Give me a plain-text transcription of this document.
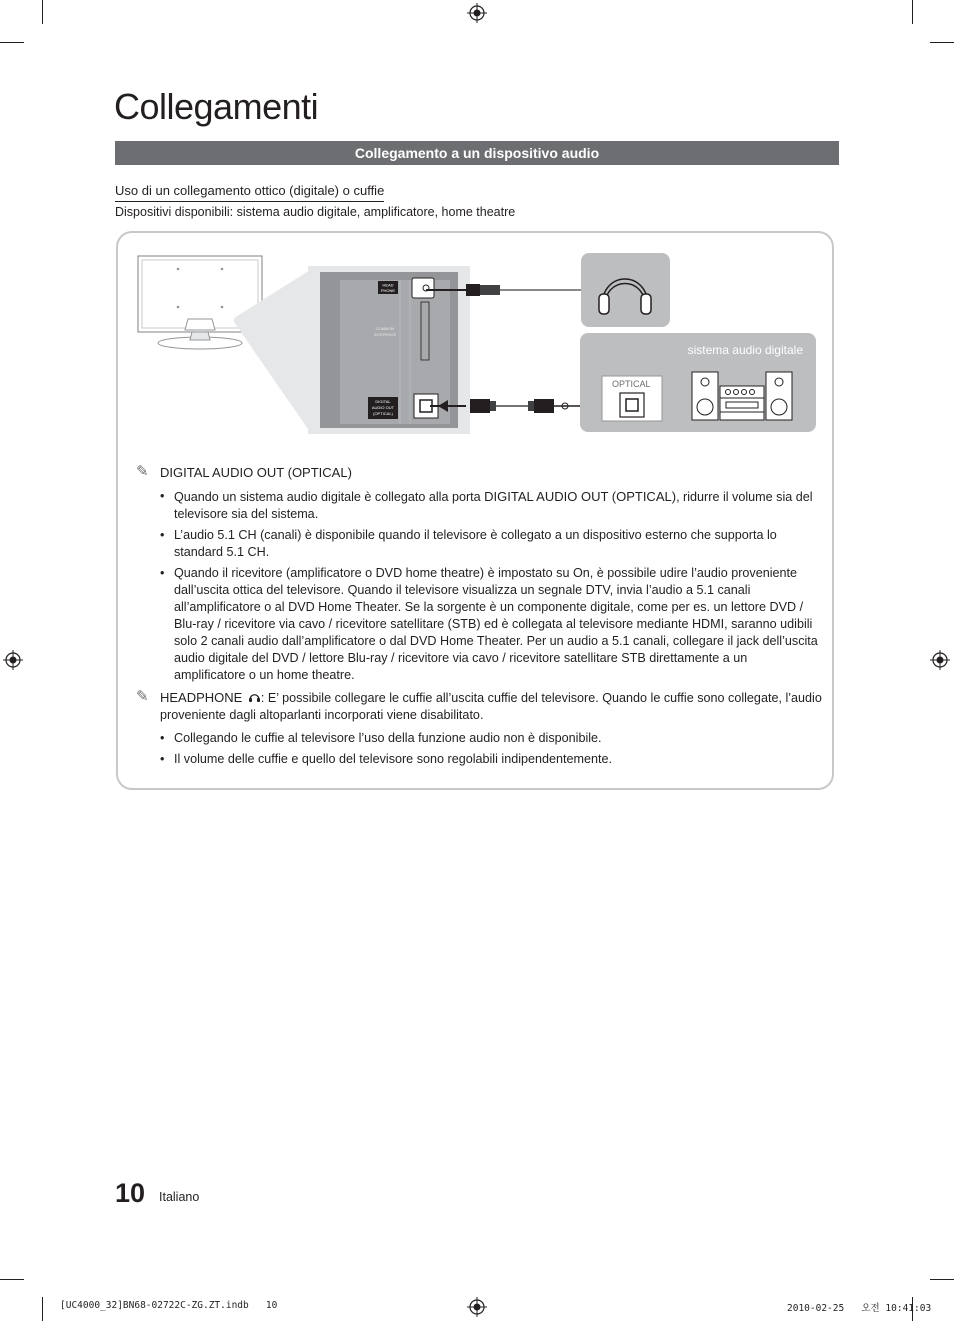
Collegamenti
Collegamento a un dispositivo audio
Uso di un collegamento ottico (digitale) o cuffie
Dispositivi disponibili: sistema audio digitale, amplificatore, home theatre
HEAD
PHONE
COMMON
INTERFACE
DIGITAL
AUDIO OUT
(OPTICAL)
sistema audio digitale
OPTICAL
✎ DIGITAL AUDIO OUT (OPTICAL)
• Quando un sistema audio digitale è collegato alla porta DIGITAL AUDIO OUT (OPTICAL), ridurre il volume sia del televisore sia del sistema.
• L’audio 5.1 CH (canali) è disponibile quando il televisore è collegato a un dispositivo esterno che supporta lo standard 5.1 CH.
• Quando il ricevitore (amplificatore o DVD home theatre) è impostato su On, è possibile udire l’audio proveniente dall’uscita ottica del televisore. Quando il televisore visualizza un segnale DTV, invia l’audio a 5.1 canali all’amplificatore o al DVD Home Theater. Se la sorgente è un componente digitale, come per es. un lettore DVD / Blu-ray / ricevitore via cavo / ricevitore satellitare (STB) ed è collegata al televisore mediante HDMI, saranno udibili solo 2 canali audio dall’amplificatore o dal DVD Home Theater. Per un audio a 5.1 canali, collegare il jack dell’uscita audio digitale del DVD / lettore Blu-ray / ricevitore via cavo / ricevitore satellitare STB direttamente a un amplificatore o un home theatre.
✎ HEADPHONE : E’ possibile collegare le cuffie all’uscita cuffie del televisore. Quando le cuffie sono collegate, l’audio proveniente dagli altoparlanti incorporati viene disabilitato.
• Collegando le cuffie al televisore l’uso della funzione audio non è disponibile.
• Il volume delle cuffie e quello del televisore sono regolabili indipendentemente.
10 Italiano
[UC4000_32]BN68-02722C-ZG.ZT.indb   10	2010-02-25   오전 10:41:03
